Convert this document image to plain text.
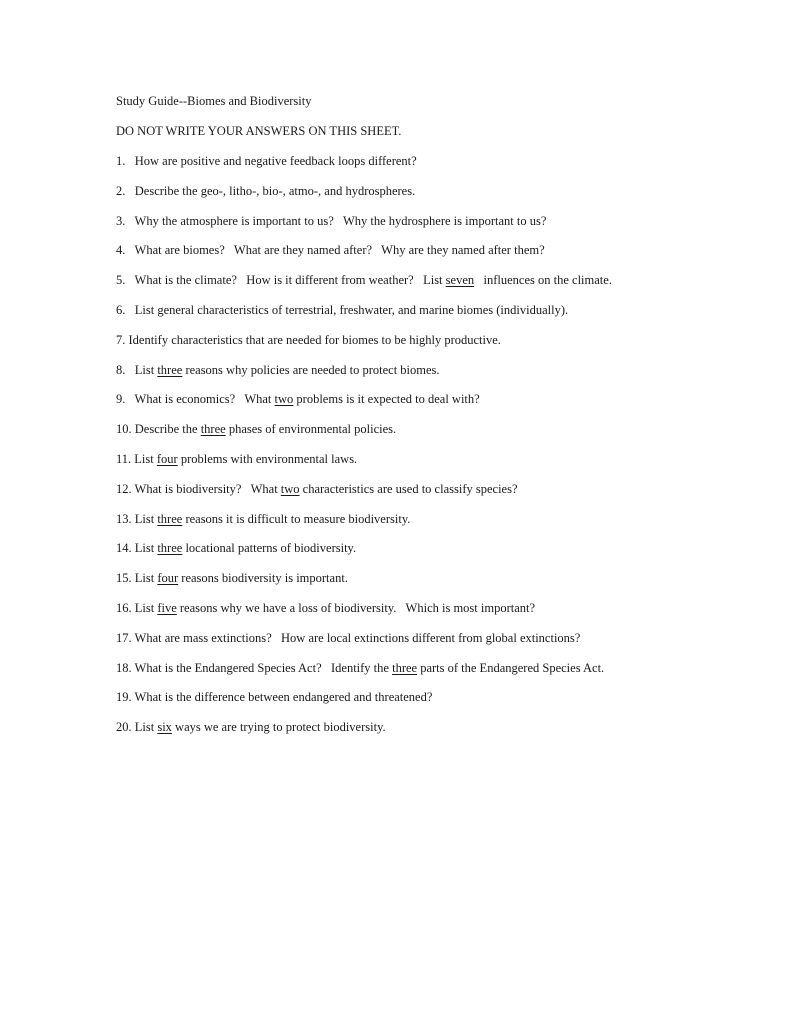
Study Guide--Biomes and Biodiversity
DO NOT WRITE YOUR ANSWERS ON THIS SHEET.
1. How are positive and negative feedback loops different?
2. Describe the geo-, litho-, bio-, atmo-, and hydrospheres.
3. Why the atmosphere is important to us?   Why the hydrosphere is important to us?
4. What are biomes?   What are they named after?   Why are they named after them?
5. What is the climate?   How is it different from weather?   List seven   influences on the climate.
6. List general characteristics of terrestrial, freshwater, and marine biomes (individually).
7. Identify characteristics that are needed for biomes to be highly productive.
8. List three reasons why policies are needed to protect biomes.
9. What is economics?   What two problems is it expected to deal with?
10. Describe the three phases of environmental policies.
11. List four problems with environmental laws.
12. What is biodiversity?   What two characteristics are used to classify species?
13. List three reasons it is difficult to measure biodiversity.
14. List three locational patterns of biodiversity.
15. List four reasons biodiversity is important.
16. List five reasons why we have a loss of biodiversity.   Which is most important?
17. What are mass extinctions?   How are local extinctions different from global extinctions?
18. What is the Endangered Species Act?   Identify the three parts of the Endangered Species Act.
19. What is the difference between endangered and threatened?
20. List six ways we are trying to protect biodiversity.
